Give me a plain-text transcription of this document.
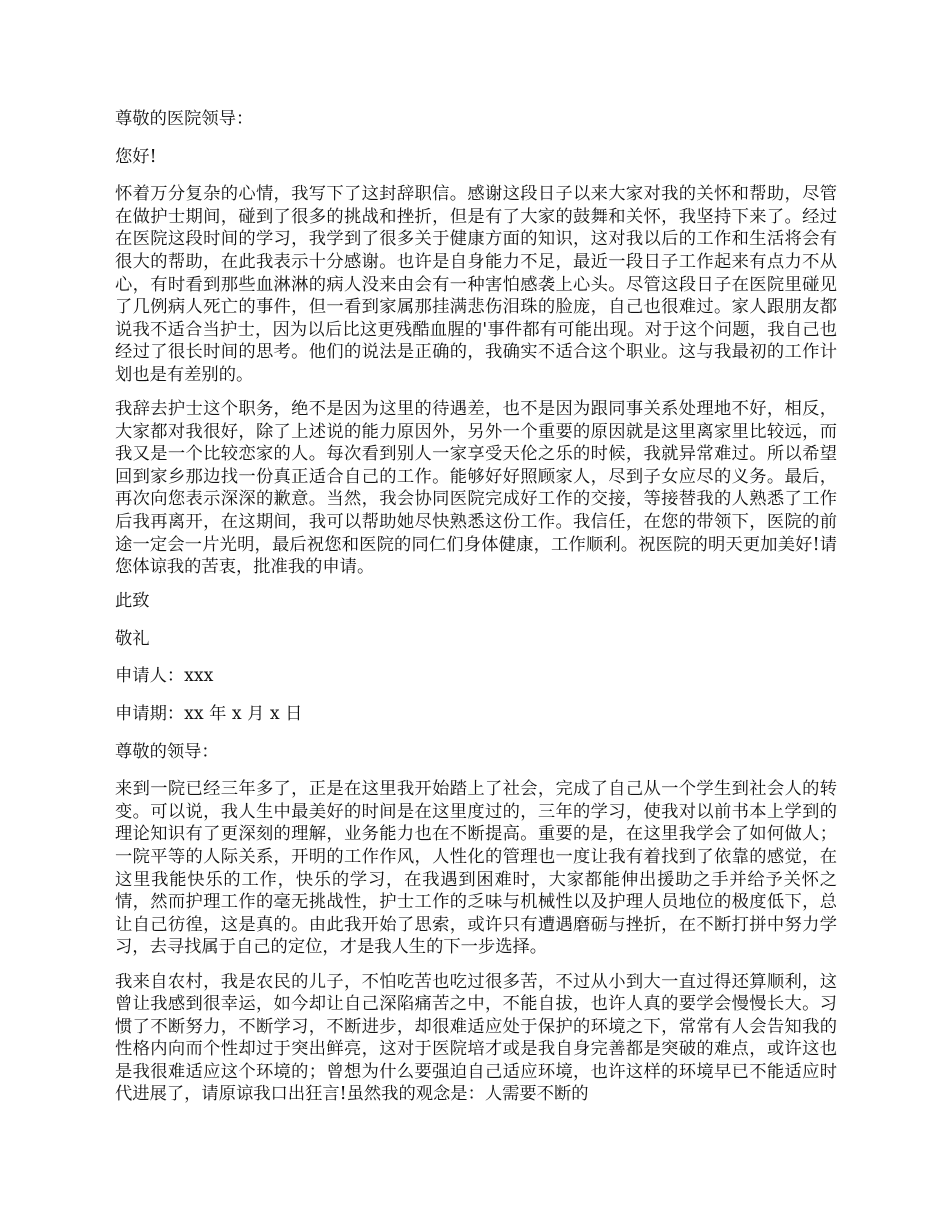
尊敬的医院领导：

您好!

怀着万分复杂的心情，我写下了这封辞职信。感谢这段日子以来大家对我的关怀和帮助，尽管在做护士期间，碰到了很多的挑战和挫折，但是有了大家的鼓舞和关怀，我坚持下来了。经过在医院这段时间的学习，我学到了很多关于健康方面的知识，这对我以后的工作和生活将会有很大的帮助，在此我表示十分感谢。也许是自身能力不足，最近一段日子工作起来有点力不从心，有时看到那些血淋淋的病人没来由会有一种害怕感袭上心头。尽管这段日子在医院里碰见了几例病人死亡的事件，但一看到家属那挂满悲伤泪珠的脸庞，自己也很难过。家人跟朋友都说我不适合当护士，因为以后比这更残酷血腥的'事件都有可能出现。对于这个问题，我自己也经过了很长时间的思考。他们的说法是正确的，我确实不适合这个职业。这与我最初的工作计划也是有差别的。

我辞去护士这个职务，绝不是因为这里的待遇差，也不是因为跟同事关系处理地不好，相反，大家都对我很好，除了上述说的能力原因外，另外一个重要的原因就是这里离家里比较远，而我又是一个比较恋家的人。每次看到别人一家享受天伦之乐的时候，我就异常难过。所以希望回到家乡那边找一份真正适合自己的工作。能够好好照顾家人，尽到子女应尽的义务。最后，再次向您表示深深的歉意。当然，我会协同医院完成好工作的交接，等接替我的人熟悉了工作后我再离开，在这期间，我可以帮助她尽快熟悉这份工作。我信任，在您的带领下，医院的前途一定会一片光明，最后祝您和医院的同仁们身体健康，工作顺利。祝医院的明天更加美好!请您体谅我的苦衷，批准我的申请。

此致

敬礼

申请人：xxx

申请期：xx 年 x 月 x 日

尊敬的领导：

来到一院已经三年多了，正是在这里我开始踏上了社会，完成了自己从一个学生到社会人的转变。可以说，我人生中最美好的时间是在这里度过的，三年的学习，使我对以前书本上学到的理论知识有了更深刻的理解，业务能力也在不断提高。重要的是，在这里我学会了如何做人；一院平等的人际关系，开明的工作作风，人性化的管理也一度让我有着找到了依靠的感觉，在这里我能快乐的工作，快乐的学习，在我遇到困难时，大家都能伸出援助之手并给予关怀之情，然而护理工作的毫无挑战性，护士工作的乏味与机械性以及护理人员地位的极度低下，总让自己彷徨，这是真的。由此我开始了思索，或许只有遭遇磨砺与挫折，在不断打拼中努力学习，去寻找属于自己的定位，才是我人生的下一步选择。

我来自农村，我是农民的儿子，不怕吃苦也吃过很多苦，不过从小到大一直过得还算顺利，这曾让我感到很幸运，如今却让自己深陷痛苦之中，不能自拔，也许人真的要学会慢慢长大。习惯了不断努力，不断学习，不断进步，却很难适应处于保护的环境之下，常常有人会告知我的性格内向而个性却过于突出鲜亮，这对于医院培才或是我自身完善都是突破的难点，或许这也是我很难适应这个环境的；曾想为什么要强迫自己适应环境，也许这样的环境早已不能适应时代进展了，请原谅我口出狂言!虽然我的观念是：人需要不断的
